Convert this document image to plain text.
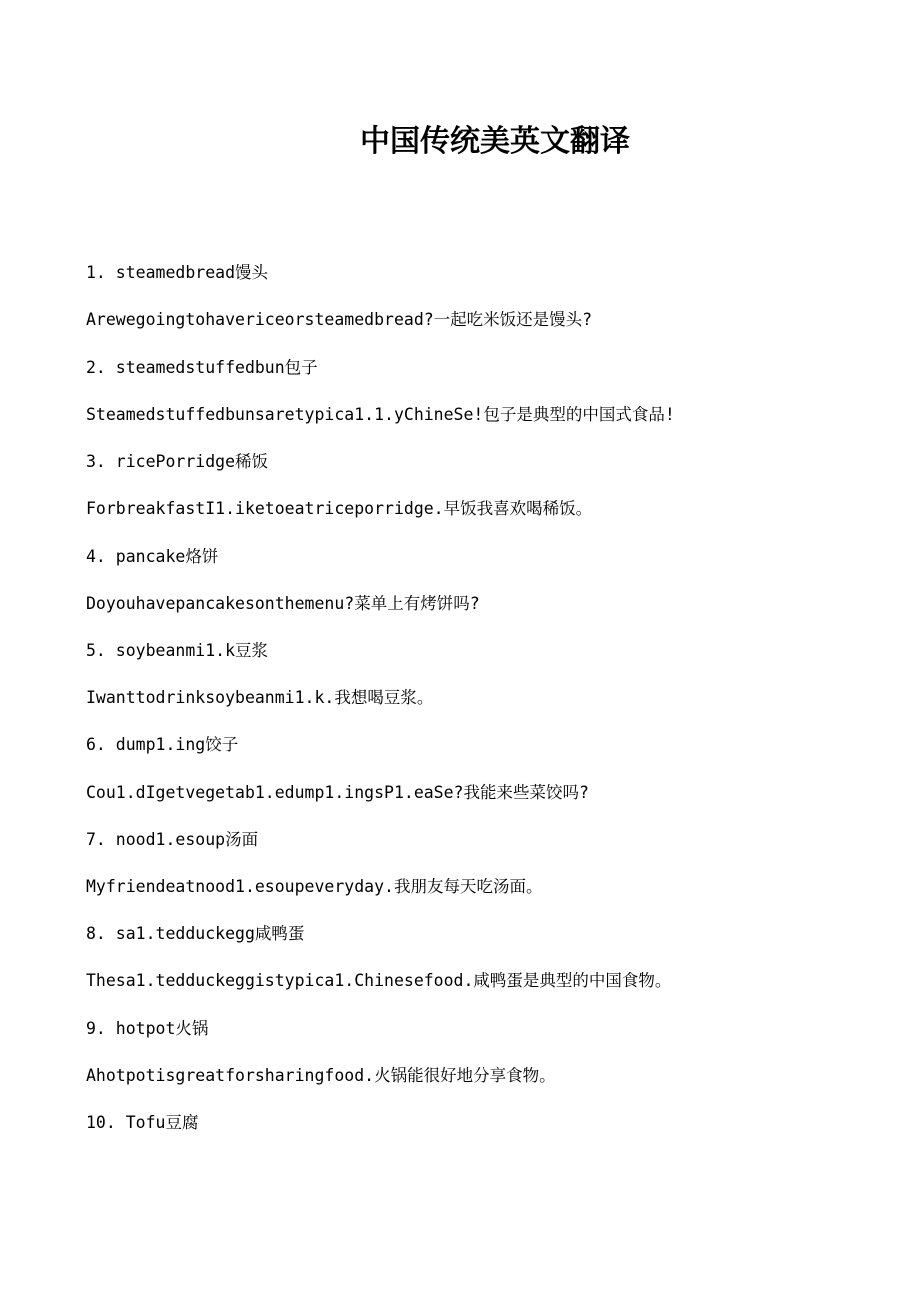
中国传统美英文翻译
1. steamedbread馒头
Arewegoingtohavericeorsteamedbread?一起吃米饭还是馒头?
2. steamedstuffedbun包子
Steamedstuffedbunsaretypica1.1.yChineSe!包子是典型的中国式食品!
3. ricePorridge稀饭
ForbreakfastI1.iketoeatriceporridge.早饭我喜欢喝稀饭。
4. pancake烙饼
Doyouhavepancakesonthemenu?菜单上有烤饼吗?
5. soybeanmi1.k豆浆
Iwanttodrinksoybeanmi1.k.我想喝豆浆。
6. dump1.ing饺子
Cou1.dIgetvegetab1.edump1.ingsP1.eaSe?我能来些菜饺吗?
7. nood1.esoup汤面
Myfriendeatnood1.esoupeveryday.我朋友每天吃汤面。
8. sa1.tedduckegg咸鸭蛋
Thesa1.tedduckeggistypica1.Chinesefood.咸鸭蛋是典型的中国食物。
9. hotpot火锅
Ahotpotisgreatforsharingfood.火锅能很好地分享食物。
10. Tofu豆腐
